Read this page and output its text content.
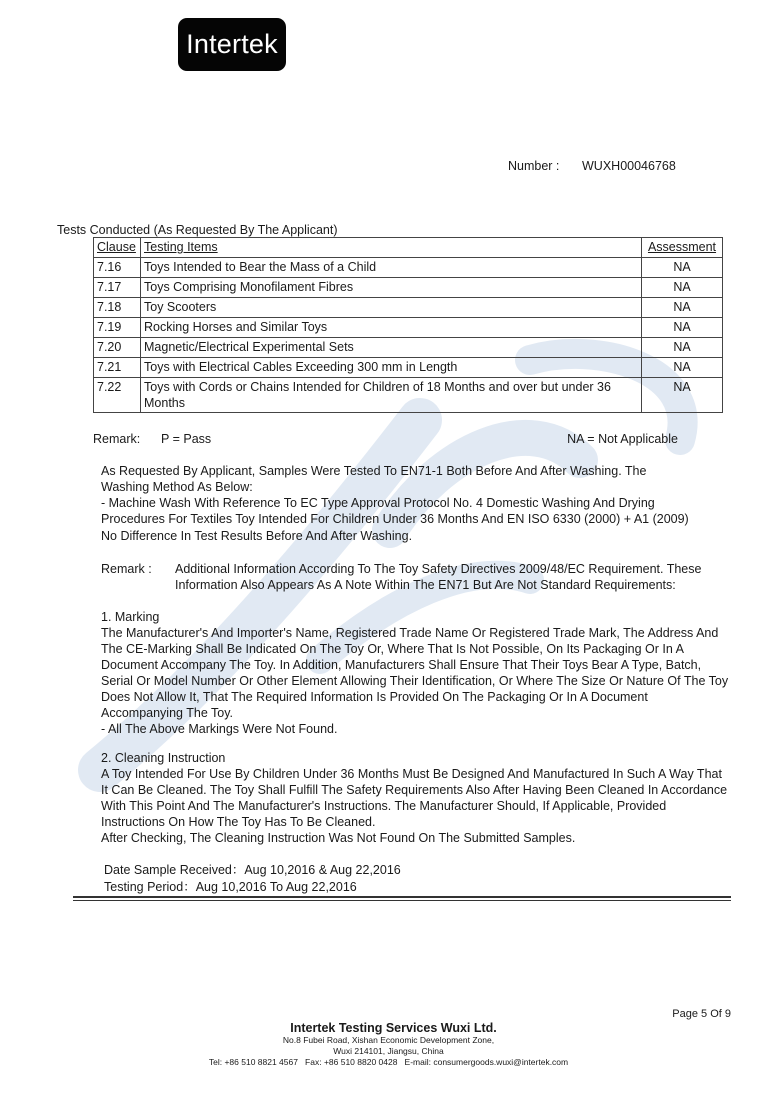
Intertek
Number : WUXH00046768
Tests Conducted (As Requested By The Applicant)
Clause	Testing Items	Assessment
7.16	Toys Intended to Bear the Mass of a Child	NA
7.17	Toys Comprising Monofilament Fibres	NA
7.18	Toy Scooters	NA
7.19	Rocking Horses and Similar Toys	NA
7.20	Magnetic/Electrical Experimental Sets	NA
7.21	Toys with Electrical Cables Exceeding 300 mm in Length	NA
7.22	Toys with Cords or Chains Intended for Children of 18 Months and over but under 36 Months	NA
Remark: P = Pass	NA = Not Applicable
As Requested By Applicant, Samples Were Tested To EN71-1 Both Before And After Washing. The
Washing Method As Below:
- Machine Wash With Reference To EC Type Approval Protocol No. 4 Domestic Washing And Drying
Procedures For Textiles Toy Intended For Children Under 36 Months And EN ISO 6330 (2000) + A1 (2009)
No Difference In Test Results Before And After Washing.
Remark : Additional Information According To The Toy Safety Directives 2009/48/EC Requirement. These Information Also Appears As A Note Within The EN71 But Are Not Standard Requirements:
1. Marking
The Manufacturer's And Importer's Name, Registered Trade Name Or Registered Trade Mark, The Address And The CE-Marking Shall Be Indicated On The Toy Or, Where That Is Not Possible, On Its Packaging Or In A Document Accompany The Toy. In Addition, Manufacturers Shall Ensure That Their Toys Bear A Type, Batch, Serial Or Model Number Or Other Element Allowing Their Identification, Or Where The Size Or Nature Of The Toy Does Not Allow It, That The Required Information Is Provided On The Packaging Or In A Document Accompanying The Toy.
- All The Above Markings Were Not Found.
2. Cleaning Instruction
A Toy Intended For Use By Children Under 36 Months Must Be Designed And Manufactured In Such A Way That It Can Be Cleaned. The Toy Shall Fulfill The Safety Requirements Also After Having Been Cleaned In Accordance With This Point And The Manufacturer's Instructions. The Manufacturer Should, If Applicable, Provided Instructions On How The Toy Has To Be Cleaned.
After Checking, The Cleaning Instruction Was Not Found On The Submitted Samples.
Date Sample Received：Aug 10,2016 & Aug 22,2016
Testing Period：Aug 10,2016 To Aug 22,2016
Page 5 Of 9
Intertek Testing Services Wuxi Ltd.
No.8 Fubei Road, Xishan Economic Development Zone,
Wuxi 214101, Jiangsu, China
Tel: +86 510 8821 4567   Fax: +86 510 8820 0428   E-mail: consumergoods.wuxi@intertek.com
